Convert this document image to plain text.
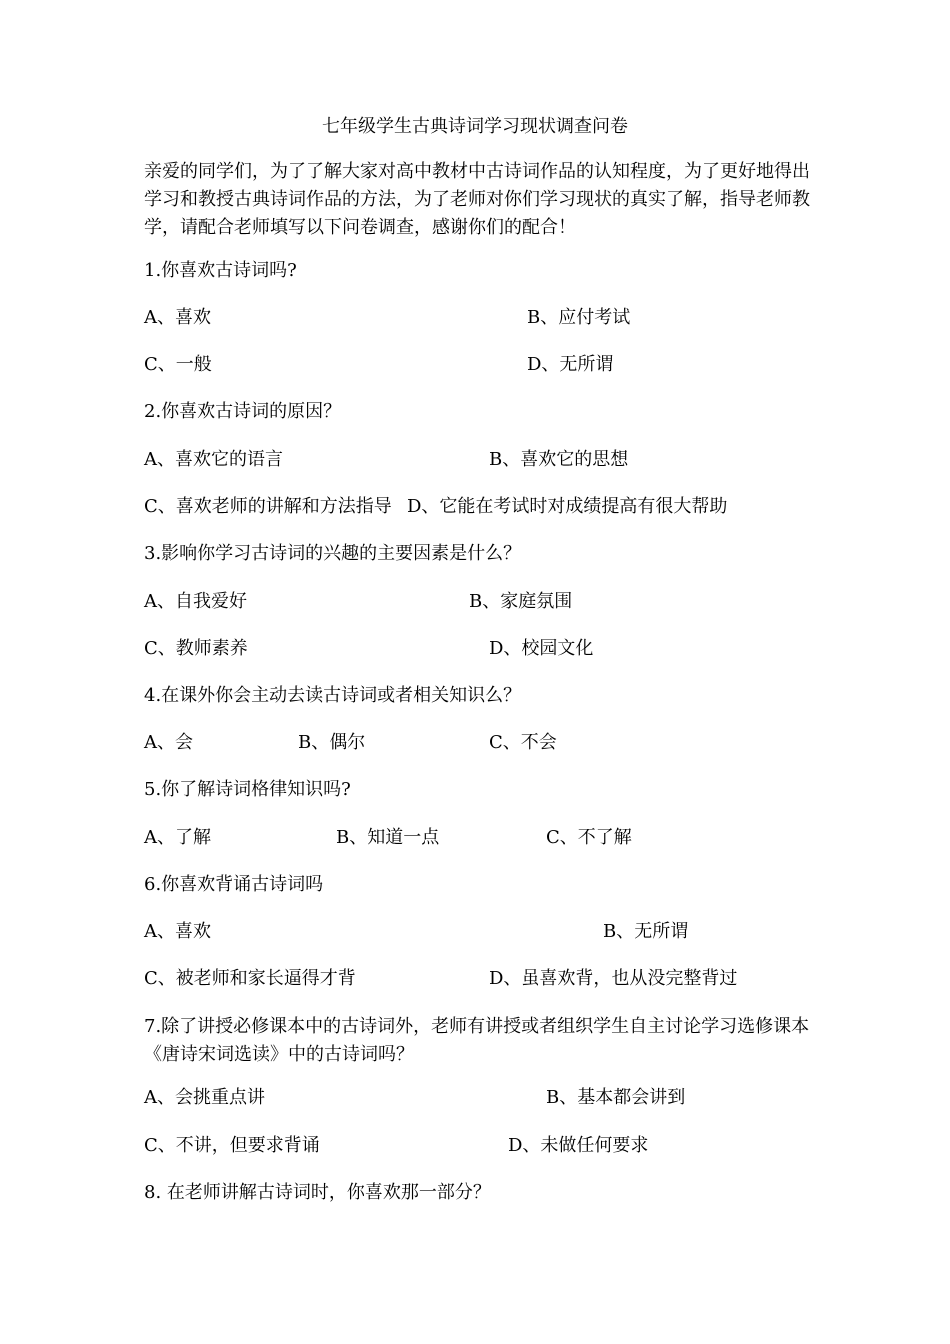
七年级学生古典诗词学习现状调查问卷
亲爱的同学们，为了了解大家对高中教材中古诗词作品的认知程度，为了更好地得出学习和教授古典诗词作品的方法，为了老师对你们学习现状的真实了解，指导老师教学，请配合老师填写以下问卷调查，感谢你们的配合！
1.你喜欢古诗词吗?
A、喜欢	B、应付考试
C、一般	D、无所谓
2.你喜欢古诗词的原因？
A、喜欢它的语言	B、喜欢它的思想
C、喜欢老师的讲解和方法指导 D、它能在考试时对成绩提高有很大帮助
3.影响你学习古诗词的兴趣的主要因素是什么？
A、自我爱好	B、家庭氛围
C、教师素养	D、校园文化
4.在课外你会主动去读古诗词或者相关知识么？
A、会	B、偶尔	C、不会
5.你了解诗词格律知识吗?
A、了解	B、知道一点	C、不了解
6.你喜欢背诵古诗词吗
A、喜欢	B、无所谓
C、被老师和家长逼得才背	D、虽喜欢背，也从没完整背过
7.除了讲授必修课本中的古诗词外，老师有讲授或者组织学生自主讨论学习选修课本《唐诗宋词选读》中的古诗词吗？
A、会挑重点讲	B、基本都会讲到
C、不讲，但要求背诵	D、未做任何要求
8. 在老师讲解古诗词时，你喜欢那一部分？
